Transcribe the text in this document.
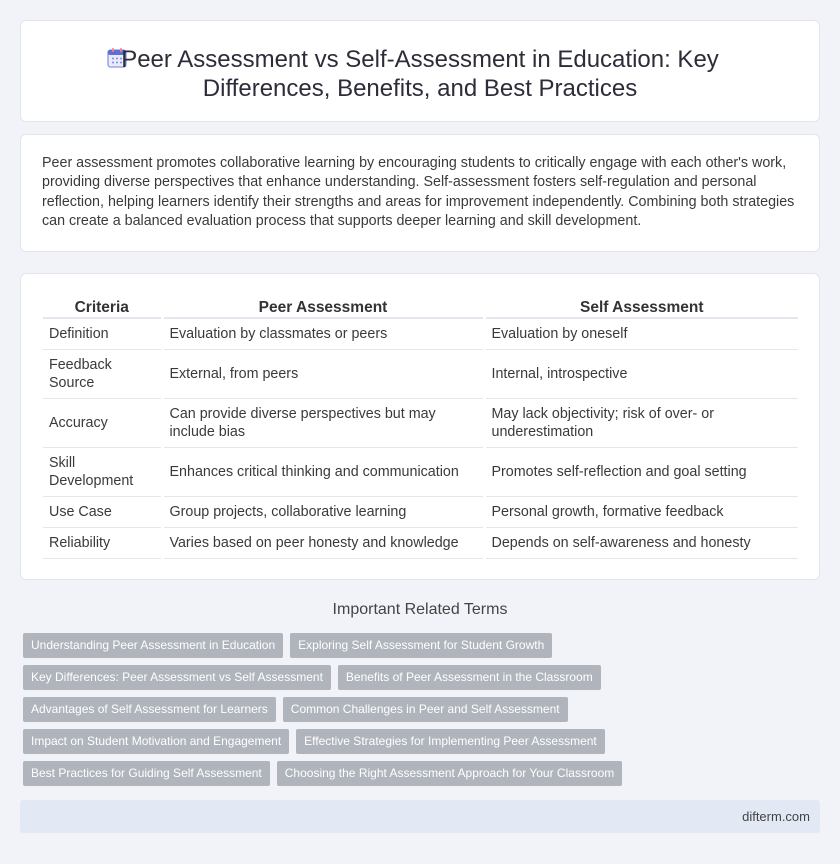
Peer Assessment vs Self-Assessment in Education: Key Differences, Benefits, and Best Practices

Peer assessment promotes collaborative learning by encouraging students to critically engage with each other's work, providing diverse perspectives that enhance understanding. Self-assessment fosters self-regulation and personal reflection, helping learners identify their strengths and areas for improvement independently. Combining both strategies can create a balanced evaluation process that supports deeper learning and skill development.

Criteria	Peer Assessment	Self Assessment
Definition	Evaluation by classmates or peers	Evaluation by oneself
Feedback Source	External, from peers	Internal, introspective
Accuracy	Can provide diverse perspectives but may include bias	May lack objectivity; risk of over- or underestimation
Skill Development	Enhances critical thinking and communication	Promotes self-reflection and goal setting
Use Case	Group projects, collaborative learning	Personal growth, formative feedback
Reliability	Varies based on peer honesty and knowledge	Depends on self-awareness and honesty
Important Related Terms
Understanding Peer Assessment in Education	Exploring Self Assessment for Student Growth
Key Differences: Peer Assessment vs Self Assessment	Benefits of Peer Assessment in the Classroom
Advantages of Self Assessment for Learners	Common Challenges in Peer and Self Assessment
Impact on Student Motivation and Engagement	Effective Strategies for Implementing Peer Assessment
Best Practices for Guiding Self Assessment	Choosing the Right Assessment Approach for Your Classroom
difterm.com
